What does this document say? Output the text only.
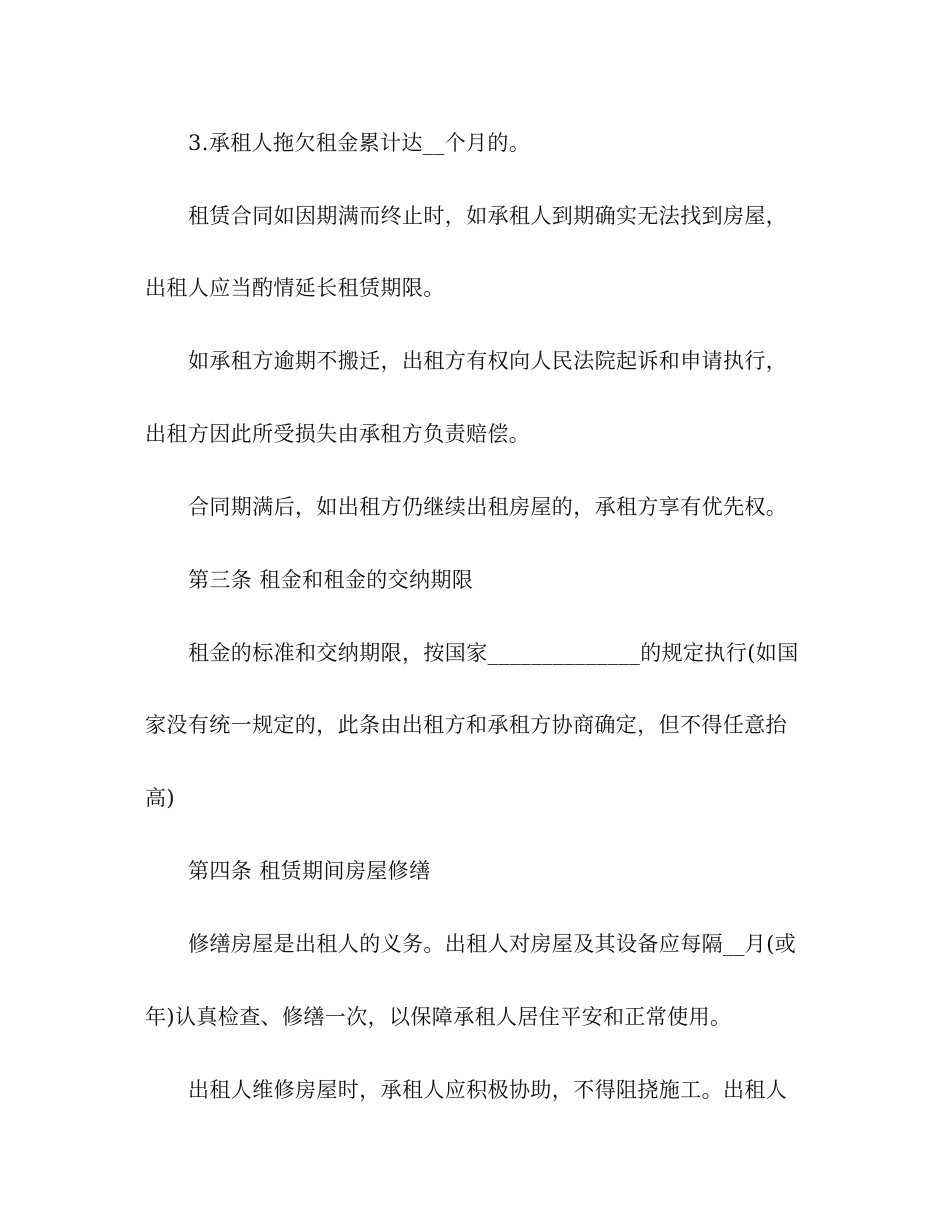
3.承租人拖欠租金累计达__个月的。
租赁合同如因期满而终止时，如承租人到期确实无法找到房屋，
出租人应当酌情延长租赁期限。
如承租方逾期不搬迁，出租方有权向人民法院起诉和申请执行，
出租方因此所受损失由承租方负责赔偿。
合同期满后，如出租方仍继续出租房屋的，承租方享有优先权。
第三条 租金和租金的交纳期限
租金的标准和交纳期限，按国家______________的规定执行(如国
家没有统一规定的，此条由出租方和承租方协商确定，但不得任意抬
高)
第四条 租赁期间房屋修缮
修缮房屋是出租人的义务。出租人对房屋及其设备应每隔__月(或
年)认真检查、修缮一次，以保障承租人居住平安和正常使用。
出租人维修房屋时，承租人应积极协助，不得阻挠施工。出租人
